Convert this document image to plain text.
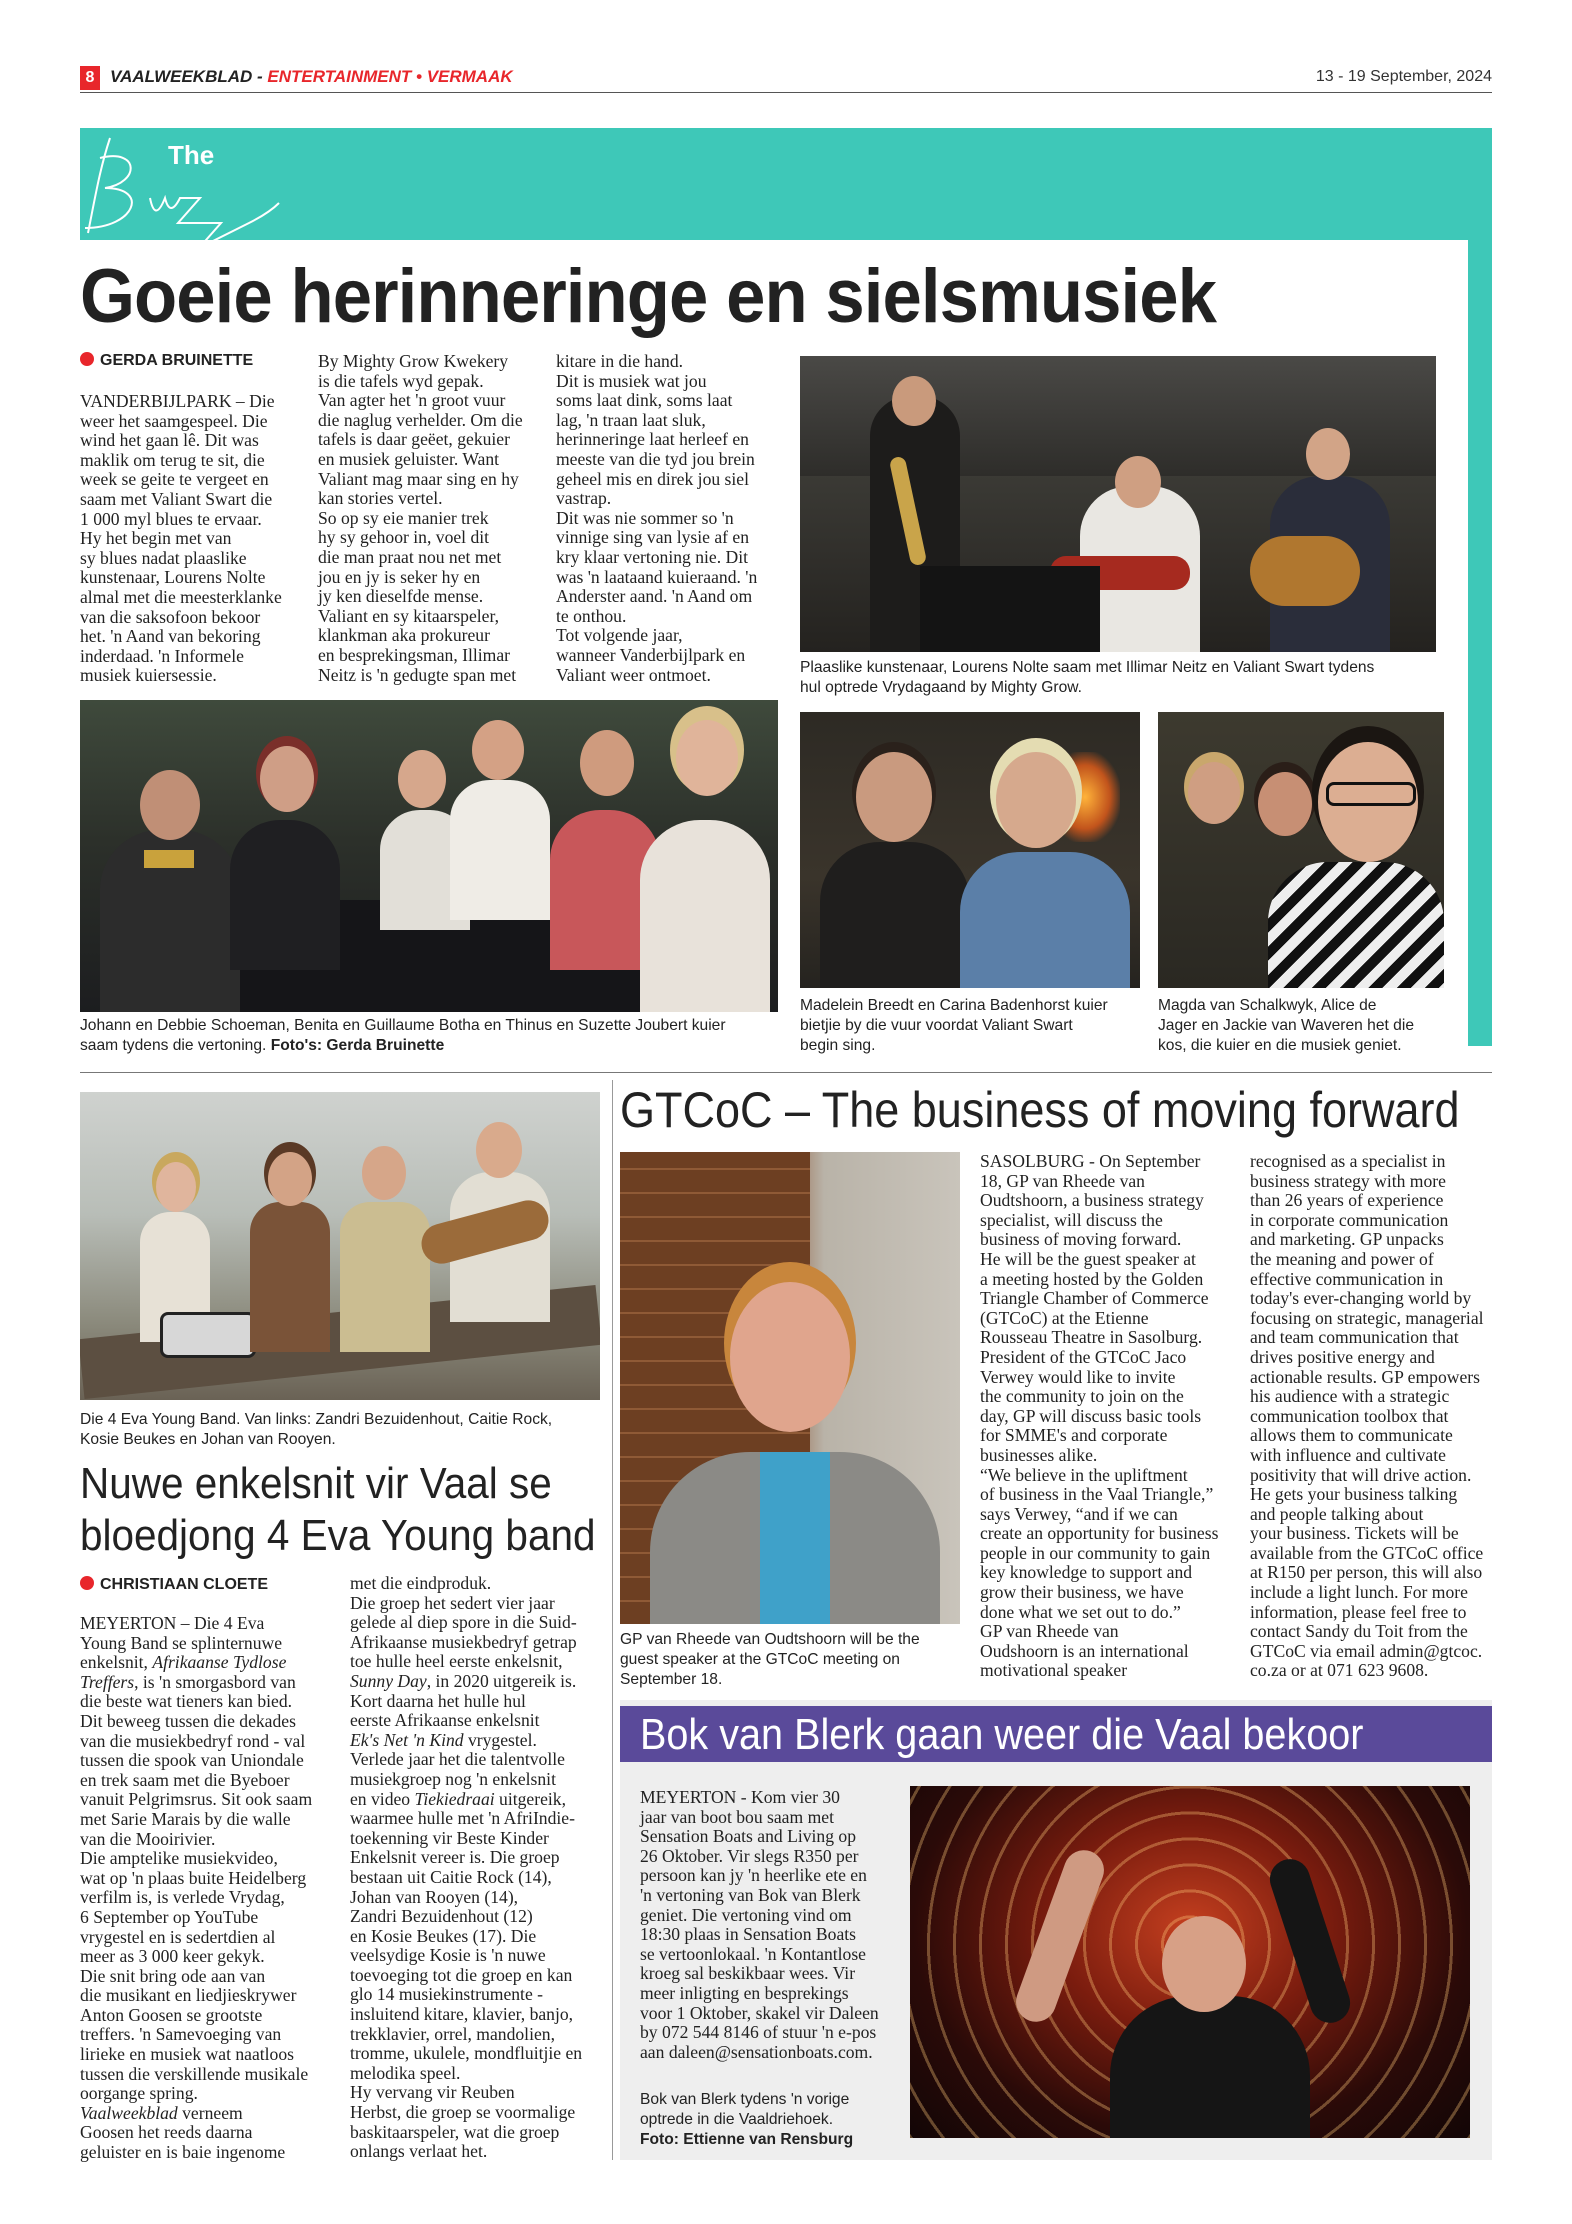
8 VAALWEEKBLAD - ENTERTAINMENT • VERMAAK	13 - 19 September, 2024
The
Goeie herinneringe en sielsmusiek
GERDA BRUINETTE
VANDERBIJLPARK – Die
weer het saamgespeel. Die
wind het gaan lê. Dit was
maklik om terug te sit, die
week se geite te vergeet en
saam met Valiant Swart die
1 000 myl blues te ervaar.
Hy het begin met van
sy blues nadat plaaslike
kunstenaar, Lourens Nolte
almal met die meesterklanke
van die saksofoon bekoor
het. 'n Aand van bekoring
inderdaad. 'n Informele
musiek kuiersessie.
By Mighty Grow Kwekery
is die tafels wyd gepak.
Van agter het 'n groot vuur
die naglug verhelder. Om die
tafels is daar geëet, gekuier
en musiek geluister. Want
Valiant mag maar sing en hy
kan stories vertel.
So op sy eie manier trek
hy sy gehoor in, voel dit
die man praat nou net met
jou en jy is seker hy en
jy ken dieselfde mense.
Valiant en sy kitaarspeler,
klankman aka prokureur
en besprekingsman, Illimar
Neitz is 'n gedugte span met
kitare in die hand.
Dit is musiek wat jou
soms laat dink, soms laat
lag, 'n traan laat sluk,
herinneringe laat herleef en
meeste van die tyd jou brein
geheel mis en direk jou siel
vastrap.
Dit was nie sommer so 'n
vinnige sing van lysie af en
kry klaar vertoning nie. Dit
was 'n laataand kuieraand. 'n
Anderster aand. 'n Aand om
te onthou.
Tot volgende jaar,
wanneer Vanderbijlpark en
Valiant weer ontmoet.	Plaaslike kunstenaar, Lourens Nolte saam met Illimar Neitz en Valiant Swart tydens
hul optrede Vrydagaand by Mighty Grow.
Johann en Debbie Schoeman, Benita en Guillaume Botha en Thinus en Suzette Joubert kuier
saam tydens die vertoning. Foto's: Gerda Bruinette
Madelein Breedt en Carina Badenhorst kuier
bietjie by die vuur voordat Valiant Swart
begin sing.
Magda van Schalkwyk, Alice de
Jager en Jackie van Waveren het die
kos, die kuier en die musiek geniet.
Die 4 Eva Young Band. Van links: Zandri Bezuidenhout, Caitie Rock,
Kosie Beukes en Johan van Rooyen.
Nuwe enkelsnit vir Vaal se
bloedjong 4 Eva Young band
CHRISTIAAN CLOETE
MEYERTON – Die 4 Eva
Young Band se splinternuwe
enkelsnit, Afrikaanse Tydlose
Treffers, is 'n smorgasbord van
die beste wat tieners kan bied.
Dit beweeg tussen die dekades
van die musiekbedryf rond - val
tussen die spook van Uniondale
en trek saam met die Byeboer
vanuit Pelgrimsrus. Sit ook saam
met Sarie Marais by die walle
van die Mooirivier.
Die amptelike musiekvideo,
wat op 'n plaas buite Heidelberg
verfilm is, is verlede Vrydag,
6 September op YouTube
vrygestel en is sedertdien al
meer as 3 000 keer gekyk.
Die snit bring ode aan van
die musikant en liedjieskrywer
Anton Goosen se grootste
treffers. 'n Samevoeging van
lirieke en musiek wat naatloos
tussen die verskillende musikale
oorgange spring.
Vaalweekblad verneem
Goosen het reeds daarna
geluister en is baie ingenome
met die eindproduk.
Die groep het sedert vier jaar
gelede al diep spore in die Suid-
Afrikaanse musiekbedryf getrap
toe hulle heel eerste enkelsnit,
Sunny Day, in 2020 uitgereik is.
Kort daarna het hulle hul
eerste Afrikaanse enkelsnit
Ek's Net 'n Kind vrygestel.
Verlede jaar het die talentvolle
musiekgroep nog 'n enkelsnit
en video Tiekiedraai uitgereik,
waarmee hulle met 'n AfriIndie-
toekenning vir Beste Kinder
Enkelsnit vereer is. Die groep
bestaan uit Caitie Rock (14),
Johan van Rooyen (14),
Zandri Bezuidenhout (12)
en Kosie Beukes (17). Die
veelsydige Kosie is 'n nuwe
toevoeging tot die groep en kan
glo 14 musiekinstrumente -
insluitend kitare, klavier, banjo,
trekklavier, orrel, mandolien,
tromme, ukulele, mondfluitjie en
melodika speel.
Hy vervang vir Reuben
Herbst, die groep se voormalige
baskitaarspeler, wat die groep
onlangs verlaat het.
GTCoC – The business of moving forward
GP van Rheede van Oudtshoorn will be the
guest speaker at the GTCoC meeting on
September 18.
SASOLBURG - On September
18, GP van Rheede van
Oudtshoorn, a business strategy
specialist, will discuss the
business of moving forward.
He will be the guest speaker at
a meeting hosted by the Golden
Triangle Chamber of Commerce
(GTCoC) at the Etienne
Rousseau Theatre in Sasolburg.
President of the GTCoC Jaco
Verwey would like to invite
the community to join on the
day, GP will discuss basic tools
for SMME's and corporate
businesses alike.
“We believe in the upliftment
of business in the Vaal Triangle,”
says Verwey, “and if we can
create an opportunity for business
people in our community to gain
key knowledge to support and
grow their business, we have
done what we set out to do.”
GP van Rheede van
Oudshoorn is an international
motivational speaker
recognised as a specialist in
business strategy with more
than 26 years of experience
in corporate communication
and marketing. GP unpacks
the meaning and power of
effective communication in
today's ever-changing world by
focusing on strategic, managerial
and team communication that
drives positive energy and
actionable results. GP empowers
his audience with a strategic
communication toolbox that
allows them to communicate
with influence and cultivate
positivity that will drive action.
He gets your business talking
and people talking about
your business. Tickets will be
available from the GTCoC office
at R150 per person, this will also
include a light lunch. For more
information, please feel free to
contact Sandy du Toit from the
GTCoC via email admin@gtcoc.
co.za or at 071 623 9608.
Bok van Blerk gaan weer die Vaal bekoor
MEYERTON - Kom vier 30
jaar van boot bou saam met
Sensation Boats and Living op
26 Oktober. Vir slegs R350 per
persoon kan jy 'n heerlike ete en
'n vertoning van Bok van Blerk
geniet. Die vertoning vind om
18:30 plaas in Sensation Boats
se vertoonlokaal. 'n Kontantlose
kroeg sal beskikbaar wees. Vir
meer inligting en besprekings
voor 1 Oktober, skakel vir Daleen
by 072 544 8146 of stuur 'n e-pos
aan daleen@sensationboats.com.
Bok van Blerk tydens 'n vorige
optrede in die Vaaldriehoek.
Foto: Ettienne van Rensburg
